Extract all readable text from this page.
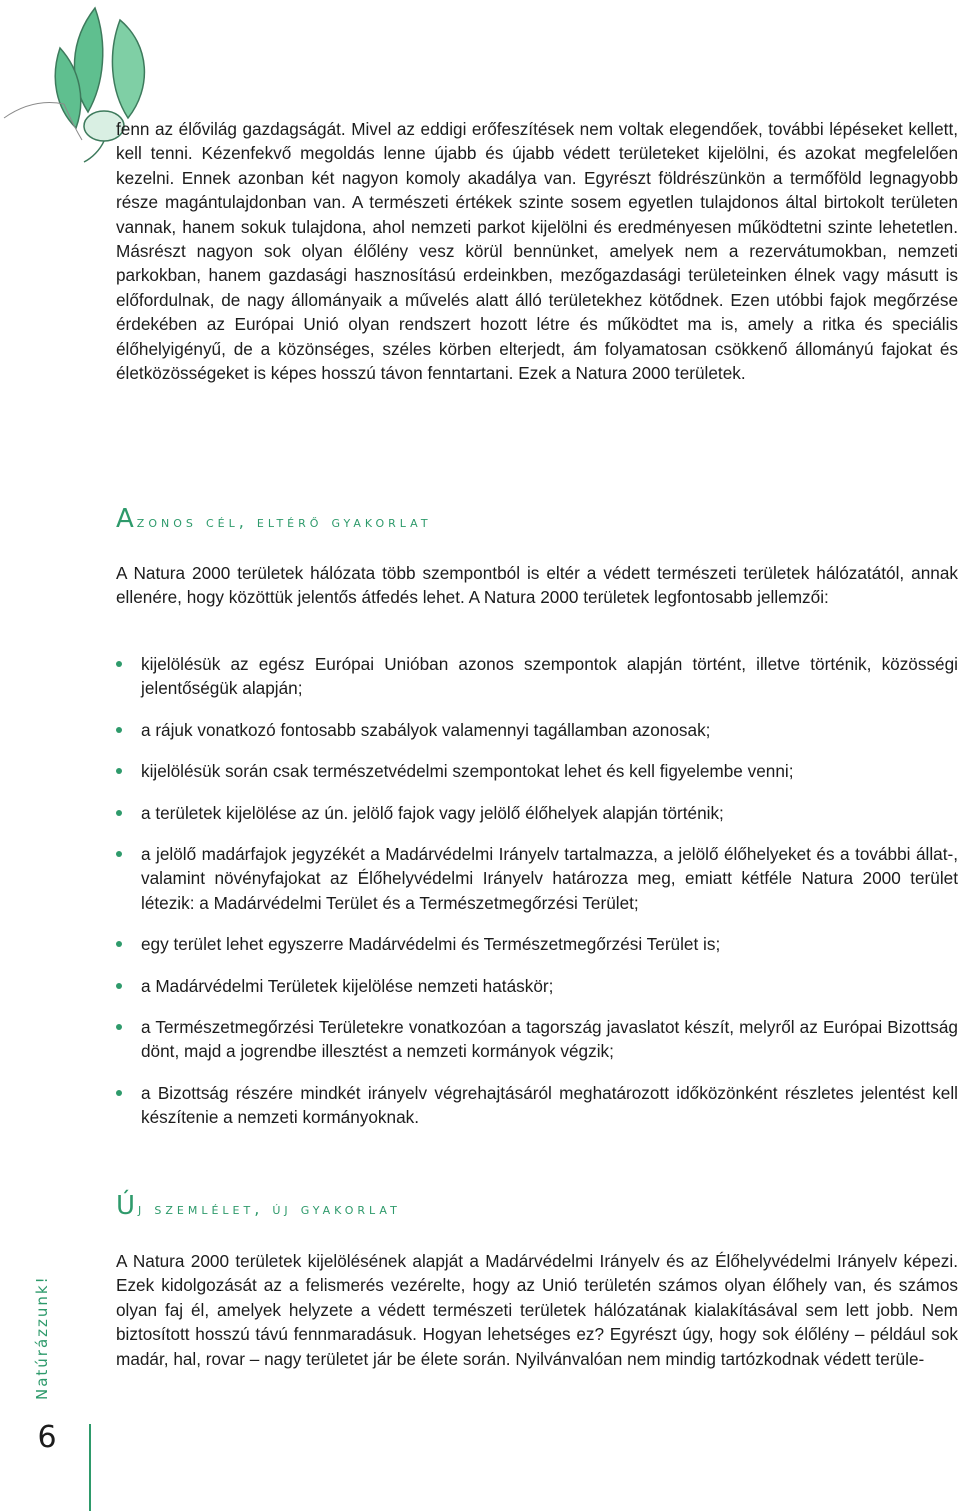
fenn az élővilág gazdagságát. Mivel az eddigi erőfeszítések nem voltak elegendőek, további lépéseket kellett, kell tenni. Kézenfekvő megoldás lenne újabb és újabb védett területeket kijelölni, és azokat megfelelően kezelni. Ennek azonban két nagyon komoly akadálya van. Egyrészt földrészünkön a termőföld legnagyobb része magántulajdonban van. A természeti értékek szinte sosem egyetlen tulajdonos által birtokolt területen vannak, hanem sokuk tulajdona, ahol nemzeti parkot kijelölni és eredményesen működtetni szinte lehetetlen. Másrészt nagyon sok olyan élőlény vesz körül bennünket, amelyek nem a rezervátumokban, nemzeti parkokban, hanem gazdasági hasznosítású erdeinkben, mezőgazdasági területeinken élnek vagy másutt is előfordulnak, de nagy állományaik a művelés alatt álló területekhez kötődnek. Ezen utóbbi fajok megőrzése érdekében az Európai Unió olyan rendszert hozott létre és működtet ma is, amely a ritka és speciális élőhelyigényű, de a közönséges, széles körben elterjedt, ám folyamatosan csökkenő állományú fajokat és életközösségeket is képes hosszú távon fenntartani. Ezek a Natura 2000 területek.

Azonos cél, eltérő gyakorlat

A Natura 2000 területek hálózata több szempontból is eltér a védett természeti területek hálózatától, annak ellenére, hogy közöttük jelentős átfedés lehet. A Natura 2000 területek legfontosabb jellemzői:

kijelölésük az egész Európai Unióban azonos szempontok alapján történt, illetve történik, közösségi jelentőségük alapján;
a rájuk vonatkozó fontosabb szabályok valamennyi tagállamban azonosak;
kijelölésük során csak természetvédelmi szempontokat lehet és kell figyelembe venni;
a területek kijelölése az ún. jelölő fajok vagy jelölő élőhelyek alapján történik;
a jelölő madárfajok jegyzékét a Madárvédelmi Irányelv tartalmazza, a jelölő élőhelyeket és a további állat-, valamint növényfajokat az Élőhelyvédelmi Irányelv határozza meg, emiatt kétféle Natura 2000 terület létezik: a Madárvédelmi Terület és a Természetmegőrzési Terület;
egy terület lehet egyszerre Madárvédelmi és Természetmegőrzési Terület is;
a Madárvédelmi Területek kijelölése nemzeti hatáskör;
a Természetmegőrzési Területekre vonatkozóan a tagország javaslatot készít, melyről az Európai Bizottság dönt, majd a jogrendbe illesztést a nemzeti kormányok végzik;
a Bizottság részére mindkét irányelv végrehajtásáról meghatározott időközönként részletes jelentést kell készítenie a nemzeti kormányoknak.
Új szemlélet, új gyakorlat

A Natura 2000 területek kijelölésének alapját a Madárvédelmi Irányelv és az Élőhelyvédelmi Irányelv képezi. Ezek kidolgozását az a felismerés vezérelte, hogy az Unió területén számos olyan élőhely van, és számos olyan faj él, amelyek helyzete a védett természeti területek hálózatának kialakításával sem lett jobb. Nem biztosított hosszú távú fennmaradásuk. Hogyan lehetséges ez? Egyrészt úgy, hogy sok élőlény – például sok madár, hal, rovar – nagy területet jár be élete során. Nyilvánvalóan nem mindig tartózkodnak védett terüle-

Natúrázzunk!
6
